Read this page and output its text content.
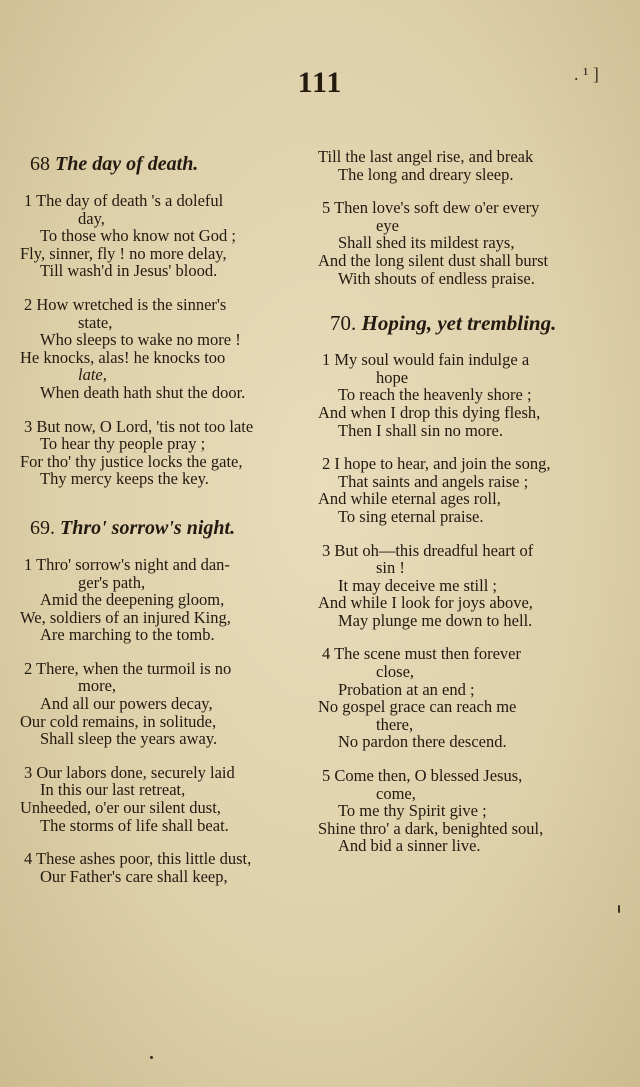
111	. ¹ ]
68 The day of death.
1 The day of death 's a doleful
day,
To those who know not God ;
Fly, sinner, fly ! no more delay,
Till wash'd in Jesus' blood.
2 How wretched is the sinner's
state,
Who sleeps to wake no more !
He knocks, alas! he knocks too
late,
When death hath shut the door.
3 But now, O Lord, 'tis not too late
To hear thy people pray ;
For tho' thy justice locks the gate,
Thy mercy keeps the key.
69. Thro' sorrow's night.
1 Thro' sorrow's night and dan-
ger's path,
Amid the deepening gloom,
We, soldiers of an injured King,
Are marching to the tomb.
2 There, when the turmoil is no
more,
And all our powers decay,
Our cold remains, in solitude,
Shall sleep the years away.
3 Our labors done, securely laid
In this our last retreat,
Unheeded, o'er our silent dust,
The storms of life shall beat.
4 These ashes poor, this little dust,
Our Father's care shall keep,
Till the last angel rise, and break
The long and dreary sleep.
5 Then love's soft dew o'er every
eye
Shall shed its mildest rays,
And the long silent dust shall burst
With shouts of endless praise.
70. Hoping, yet trembling.
1 My soul would fain indulge a
hope
To reach the heavenly shore ;
And when I drop this dying flesh,
Then I shall sin no more.
2 I hope to hear, and join the song,
That saints and angels raise ;
And while eternal ages roll,
To sing eternal praise.
3 But oh—this dreadful heart of
sin !
It may deceive me still ;
And while I look for joys above,
May plunge me down to hell.
4 The scene must then forever
close,
Probation at an end ;
No gospel grace can reach me
there,
No pardon there descend.
5 Come then, O blessed Jesus,
come,
To me thy Spirit give ;
Shine thro' a dark, benighted soul,
And bid a sinner live.
